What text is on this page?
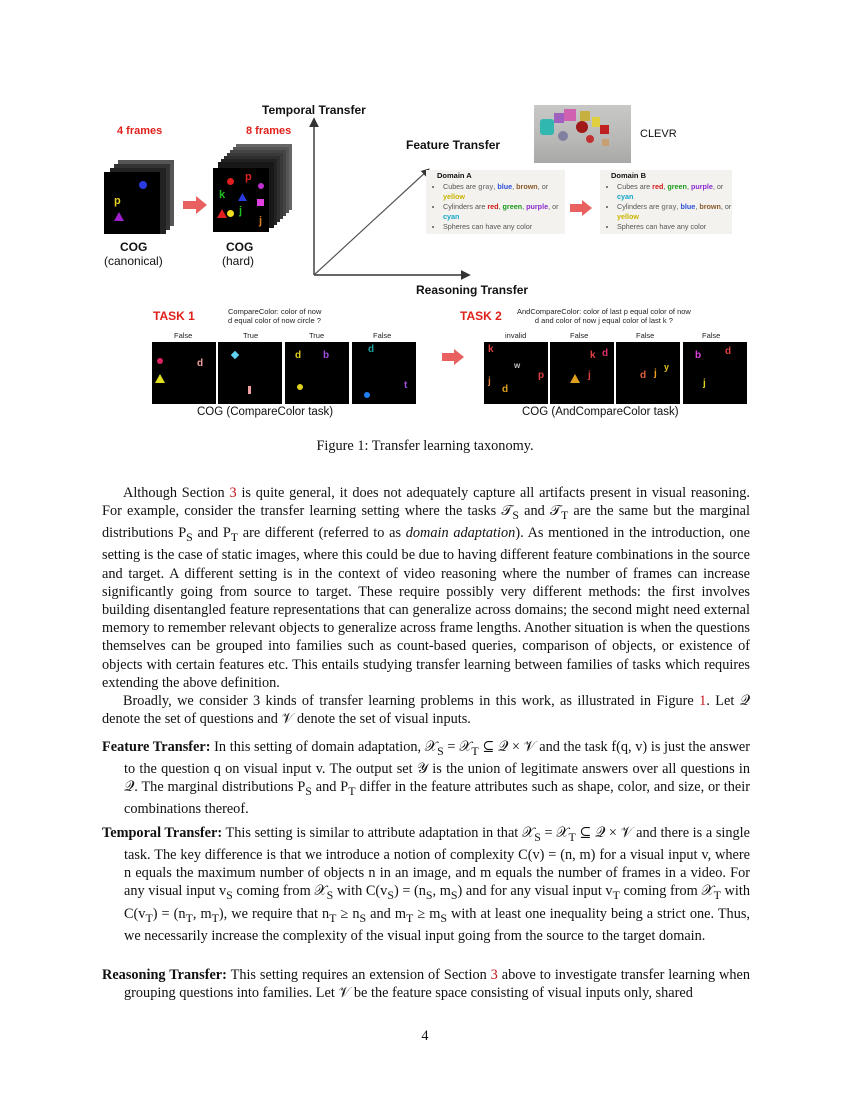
Temporal Transfer
Feature Transfer
Reasoning Transfer
4 frames
p
COG
(canonical)
8 frames
p
k
j
j
COG
(hard)
CLEVR
Domain A
• Cubes are gray, blue, brown, or yellow
• Cylinders are red, green, purple, or cyan
• Spheres can have any color
Domain B
• Cubes are red, green, purple, or cyan
• Cylinders are gray, blue, brown, or yellow
• Spheres can have any color
TASK 1	CompareColor: color of now
d equal color of now circle ?
False	True	True	False
d
d b
d
t
COG (CompareColor task)
TASK 2 AndCompareColor: color of last p equal color of now
d and color of now j equal color of last k ?
invalid	False	False	False
k
w
j
p
d
k d
j	d j
y
b d
j
COG (AndCompareColor task)
Figure 1: Transfer learning taxonomy.
Although Section 3 is quite general, it does not adequately capture all artifacts present in visual reasoning. For example, consider the transfer learning setting where the tasks 𝒯$_S$ and 𝒯$_T$ are the same but the marginal distributions $P_S$ and $P_T$ are different (referred to as domain adaptation). As mentioned in the introduction, one setting is the case of static images, where this could be due to having different feature combinations in the source and target. A different setting is in the context of video reasoning where the number of frames can increase significantly going from source to target. These require possibly very different methods: the first involves building disentangled feature representations that can generalize across domains; the second might need external memory to remember relevant objects to generalize across frame lengths. Another situation is when the questions themselves can be grouped into families such as count-based queries, comparison of objects, or existence of objects with certain features etc. This entails studying transfer learning between families of tasks which requires extending the above definition.
Broadly, we consider 3 kinds of transfer learning problems in this work, as illustrated in Figure 1. Let 𝒬 denote the set of questions and 𝒱 denote the set of visual inputs.
Feature Transfer: In this setting of domain adaptation, 𝒳$_S$ = 𝒳$_T$ ⊆ 𝒬 × 𝒱 and the task f(q, v) is just the answer to the question q on visual input v. The output set 𝒴 is the union of legitimate answers over all questions in 𝒬. The marginal distributions $P_S$ and $P_T$ differ in the feature attributes such as shape, color, and size, or their combinations thereof.
Temporal Transfer: This setting is similar to attribute adaptation in that 𝒳$_S$ = 𝒳$_T$ ⊆ 𝒬 × 𝒱 and there is a single task. The key difference is that we introduce a notion of complexity C(v) = (n, m) for a visual input v, where n equals the maximum number of objects n in an image, and m equals the number of frames in a video. For any visual input $v_S$ coming from 𝒳$_S$ with $C(v_S) = (n_S$, $m_S$) and for any visual input $v_T$ coming from 𝒳$_T$ with $C(v_T) = (n_T$, $m_T$), we require that $n_T \ge n_S$ and $m_T \ge m_S$ with at least one inequality being a strict one. Thus, we necessarily increase the complexity of the visual input going from the source to the target domain.
Reasoning Transfer: This setting requires an extension of Section 3 above to investigate transfer learning when grouping questions into families. Let 𝒱 be the feature space consisting of visual inputs only, shared
4
